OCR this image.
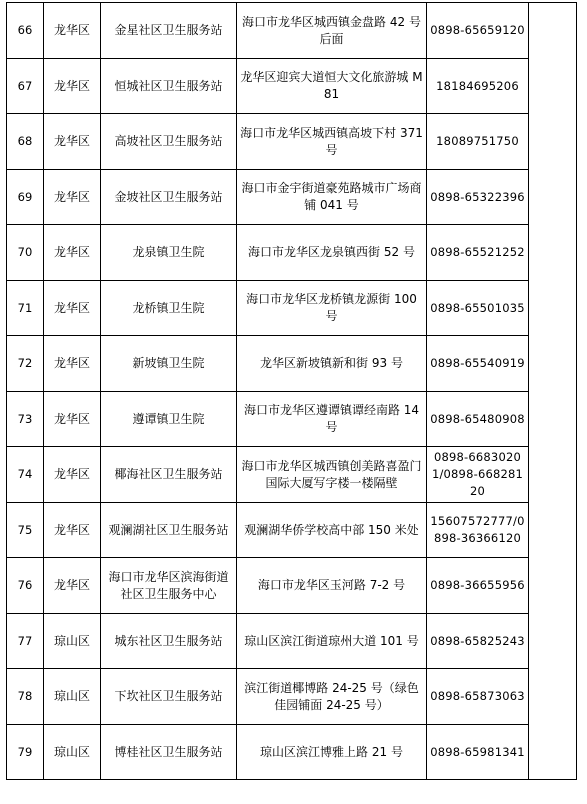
66	龙华区	金星社区卫生服务站	海口市龙华区城西镇金盘路 42 号后面	0898-65659120	
67	龙华区	恒城社区卫生服务站	龙华区迎宾大道恒大文化旅游城 M81	18184695206	
68	龙华区	高坡社区卫生服务站	海口市龙华区城西镇高坡下村 371 号	18089751750	
69	龙华区	金坡社区卫生服务站	海口市金宇街道豪苑路城市广场商铺 041 号	0898-65322396	
70	龙华区	龙泉镇卫生院	海口市龙华区龙泉镇西街 52 号	0898-65521252	
71	龙华区	龙桥镇卫生院	海口市龙华区龙桥镇龙源街 100 号	0898-65501035	
72	龙华区	新坡镇卫生院	龙华区新坡镇新和街 93 号	0898-65540919	
73	龙华区	遵谭镇卫生院	海口市龙华区遵谭镇谭经南路 14 号	0898-65480908	
74	龙华区	椰海社区卫生服务站	海口市龙华区城西镇创美路喜盈门国际大厦写字楼一楼隔壁	0898-66830201/0898-66828120	
75	龙华区	观澜湖社区卫生服务站	观澜湖华侨学校高中部 150 米处	15607572777/0898-36366120	
76	龙华区	海口市龙华区滨海街道社区卫生服务中心	海口市龙华区玉河路 7-2 号	0898-36655956	
77	琼山区	城东社区卫生服务站	琼山区滨江街道琼州大道 101 号	0898-65825243	
78	琼山区	下坎社区卫生服务站	滨江街道椰博路 24-25 号（绿色佳园铺面 24-25 号）	0898-65873063	
79	琼山区	博桂社区卫生服务站	琼山区滨江博雅上路 21 号	0898-65981341	
